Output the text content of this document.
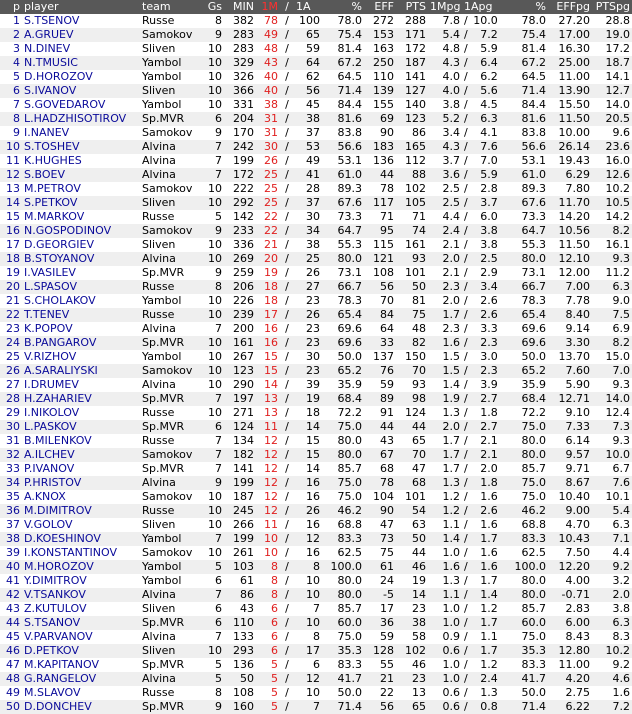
p	player	team	Gs	MIN	1M	/	1A	%	EFF	PTS	1Mpg	1Apg	%	EFFpg	PTSpg
1	S.TSENOV	Russe	8	382	78	/	100	78.0	272	288	7.8	/ 10.0	78.0	27.20	28.8
2	A.GRUEV	Samokov	9	283	49	/	65	75.4	153	171	5.4	/ 7.2	75.4	17.00	19.0
3	N.DINEV	Sliven	10	283	48	/	59	81.4	163	172	4.8	/ 5.9	81.4	16.30	17.2
4	N.TMUSIC	Yambol	10	329	43	/	64	67.2	250	187	4.3	/ 6.4	67.2	25.00	18.7
5	D.HOROZOV	Yambol	10	326	40	/	62	64.5	110	141	4.0	/ 6.2	64.5	11.00	14.1
6	S.IVANOV	Sliven	10	366	40	/	56	71.4	139	127	4.0	/ 5.6	71.4	13.90	12.7
7	S.GOVEDAROV	Yambol	10	331	38	/	45	84.4	155	140	3.8	/ 4.5	84.4	15.50	14.0
8	L.HADZHISOTIROV	Sp.MVR	6	204	31	/	38	81.6	69	123	5.2	/ 6.3	81.6	11.50	20.5
9	I.NANEV	Samokov	9	170	31	/	37	83.8	90	86	3.4	/ 4.1	83.8	10.00	9.6
10	S.TOSHEV	Alvina	7	242	30	/	53	56.6	183	165	4.3	/ 7.6	56.6	26.14	23.6
11	K.HUGHES	Alvina	7	199	26	/	49	53.1	136	112	3.7	/ 7.0	53.1	19.43	16.0
12	S.BOEV	Alvina	7	172	25	/	41	61.0	44	88	3.6	/ 5.9	61.0	6.29	12.6
13	M.PETROV	Samokov	10	222	25	/	28	89.3	78	102	2.5	/ 2.8	89.3	7.80	10.2
14	S.PETKOV	Sliven	10	292	25	/	37	67.6	117	105	2.5	/ 3.7	67.6	11.70	10.5
15	M.MARKOV	Russe	5	142	22	/	30	73.3	71	71	4.4	/ 6.0	73.3	14.20	14.2
16	N.GOSPODINOV	Samokov	9	233	22	/	34	64.7	95	74	2.4	/ 3.8	64.7	10.56	8.2
17	D.GEORGIEV	Sliven	10	336	21	/	38	55.3	115	161	2.1	/ 3.8	55.3	11.50	16.1
18	B.STOYANOV	Alvina	10	269	20	/	25	80.0	121	93	2.0	/ 2.5	80.0	12.10	9.3
19	I.VASILEV	Sp.MVR	9	259	19	/	26	73.1	108	101	2.1	/ 2.9	73.1	12.00	11.2
20	L.SPASOV	Russe	8	206	18	/	27	66.7	56	50	2.3	/ 3.4	66.7	7.00	6.3
21	S.CHOLAKOV	Yambol	10	226	18	/	23	78.3	70	81	2.0	/ 2.6	78.3	7.78	9.0
22	T.TENEV	Russe	10	239	17	/	26	65.4	84	75	1.7	/ 2.6	65.4	8.40	7.5
23	K.POPOV	Alvina	7	200	16	/	23	69.6	64	48	2.3	/ 3.3	69.6	9.14	6.9
24	B.PANGAROV	Sp.MVR	10	161	16	/	23	69.6	33	82	1.6	/ 2.3	69.6	3.30	8.2
25	V.RIZHOV	Yambol	10	267	15	/	30	50.0	137	150	1.5	/ 3.0	50.0	13.70	15.0
26	A.SARALIYSKI	Samokov	10	123	15	/	23	65.2	76	70	1.5	/ 2.3	65.2	7.60	7.0
27	I.DRUMEV	Alvina	10	290	14	/	39	35.9	59	93	1.4	/ 3.9	35.9	5.90	9.3
28	H.ZAHARIEV	Sp.MVR	7	197	13	/	19	68.4	89	98	1.9	/ 2.7	68.4	12.71	14.0
29	I.NIKOLOV	Russe	10	271	13	/	18	72.2	91	124	1.3	/ 1.8	72.2	9.10	12.4
30	L.PASKOV	Sp.MVR	6	124	11	/	14	75.0	44	44	2.0	/ 2.7	75.0	7.33	7.3
31	B.MILENKOV	Russe	7	134	12	/	15	80.0	43	65	1.7	/ 2.1	80.0	6.14	9.3
32	A.ILCHEV	Samokov	7	182	12	/	15	80.0	67	70	1.7	/ 2.1	80.0	9.57	10.0
33	P.IVANOV	Sp.MVR	7	141	12	/	14	85.7	68	47	1.7	/ 2.0	85.7	9.71	6.7
34	P.HRISTOV	Alvina	9	199	12	/	16	75.0	78	68	1.3	/ 1.8	75.0	8.67	7.6
35	A.KNOX	Samokov	10	187	12	/	16	75.0	104	101	1.2	/ 1.6	75.0	10.40	10.1
36	M.DIMITROV	Russe	10	245	12	/	26	46.2	90	54	1.2	/ 2.6	46.2	9.00	5.4
37	V.GOLOV	Sliven	10	266	11	/	16	68.8	47	63	1.1	/ 1.6	68.8	4.70	6.3
38	D.KOESHINOV	Yambol	7	199	10	/	12	83.3	73	50	1.4	/ 1.7	83.3	10.43	7.1
39	I.KONSTANTINOV	Samokov	10	261	10	/	16	62.5	75	44	1.0	/ 1.6	62.5	7.50	4.4
40	M.HOROZOV	Yambol	5	103	8	/	8	100.0	61	46	1.6	/ 1.6	100.0	12.20	9.2
41	Y.DIMITROV	Yambol	6	61	8	/	10	80.0	24	19	1.3	/ 1.7	80.0	4.00	3.2
42	V.TSANKOV	Alvina	7	86	8	/	10	80.0	-5	14	1.1	/ 1.4	80.0	-0.71	2.0
43	Z.KUTULOV	Sliven	6	43	6	/	7	85.7	17	23	1.0	/ 1.2	85.7	2.83	3.8
44	S.TSANOV	Sp.MVR	6	110	6	/	10	60.0	36	38	1.0	/ 1.7	60.0	6.00	6.3
45	V.PARVANOV	Alvina	7	133	6	/	8	75.0	59	58	0.9	/ 1.1	75.0	8.43	8.3
46	D.PETKOV	Sliven	10	293	6	/	17	35.3	128	102	0.6	/ 1.7	35.3	12.80	10.2
47	M.KAPITANOV	Sp.MVR	5	136	5	/	6	83.3	55	46	1.0	/ 1.2	83.3	11.00	9.2
48	G.RANGELOV	Alvina	5	50	5	/	12	41.7	21	23	1.0	/ 2.4	41.7	4.20	4.6
49	M.SLAVOV	Russe	8	108	5	/	10	50.0	22	13	0.6	/ 1.3	50.0	2.75	1.6
50	D.DONCHEV	Sp.MVR	9	160	5	/	7	71.4	56	65	0.6	/ 0.8	71.4	6.22	7.2
